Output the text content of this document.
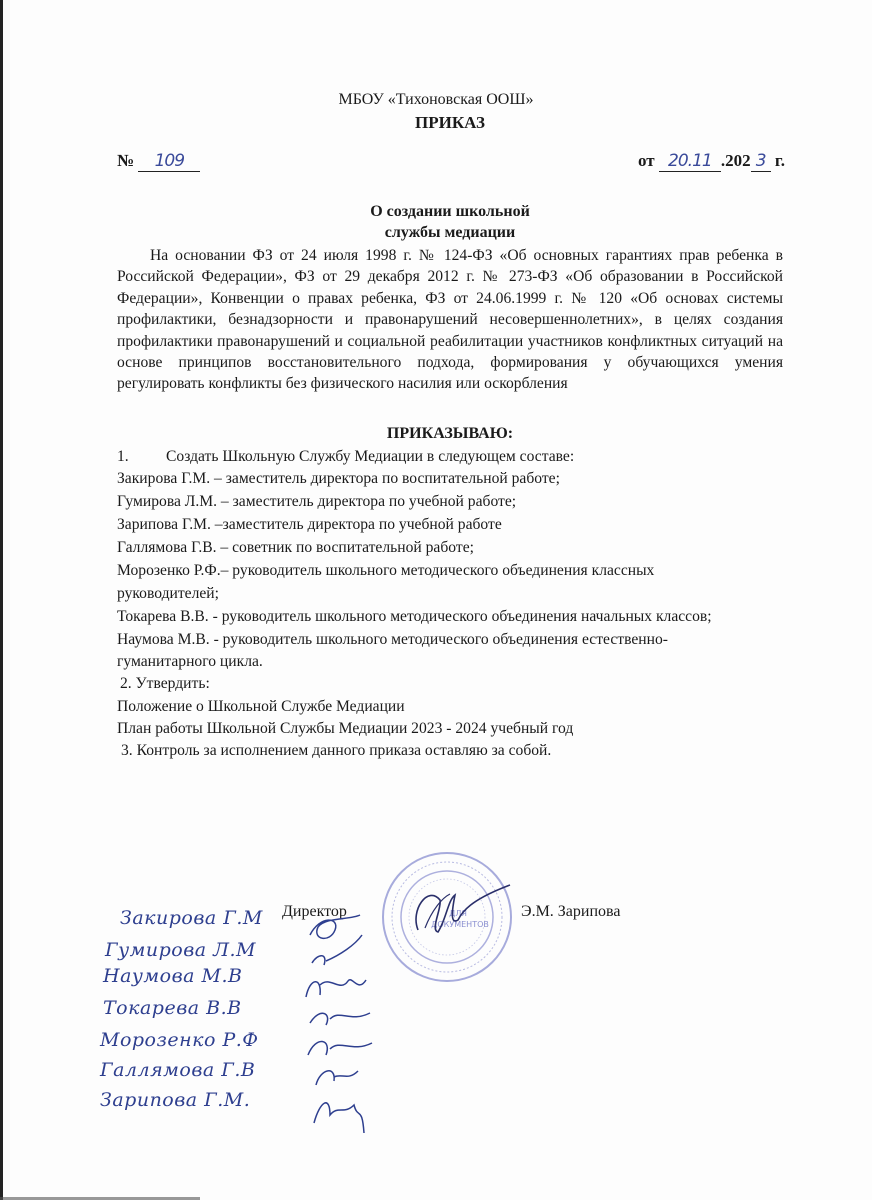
МБОУ «Тихоновская ООШ»
ПРИКАЗ
№ 109	от 20.11 .202 3 г.
О создании школьной
службы медиации
На основании ФЗ от 24 июля 1998 г. № 124-ФЗ «Об основных гарантиях прав ребенка в Российской Федерации», ФЗ от 29 декабря 2012 г. № 273-ФЗ «Об образовании в Российской Федерации», Конвенции о правах ребенка, ФЗ от 24.06.1999 г. № 120 «Об основах системы профилактики, безнадзорности и правонарушений несовершеннолетних», в целях создания профилактики правонарушений и социальной реабилитации участников конфликтных ситуаций на основе принципов восстановительного подхода, формирования у обучающихся умения регулировать конфликты без физического насилия или оскорбления
ПРИКАЗЫВАЮ:
1. Создать Школьную Службу Медиации в следующем составе:
Закирова Г.М. – заместитель директора по воспитательной работе;
Гумирова Л.М. – заместитель директора по учебной работе;
Зарипова Г.М. –заместитель директора по учебной работе
Галлямова Г.В. – советник по воспитательной работе;
Морозенко Р.Ф.– руководитель школьного методического объединения классных
руководителей;
Токарева В.В. - руководитель школьного методического объединения начальных классов;
Наумова М.В. - руководитель школьного методического объединения естественно-
гуманитарного цикла.
2. Утвердить:
Положение о Школьной Службе Медиации
План работы Школьной Службы Медиации 2023 - 2024 учебный год
3. Контроль за исполнением данного приказа оставляю за собой.
ДЛЯ
ДОКУМЕНТОВ
Директор	Э.М. Зарипова
Закирова Г.М
Гумирова Л.М
Наумова М.В
Токарева В.В
Морозенко Р.Ф
Галлямова Г.В
Зарипова Г.М.
